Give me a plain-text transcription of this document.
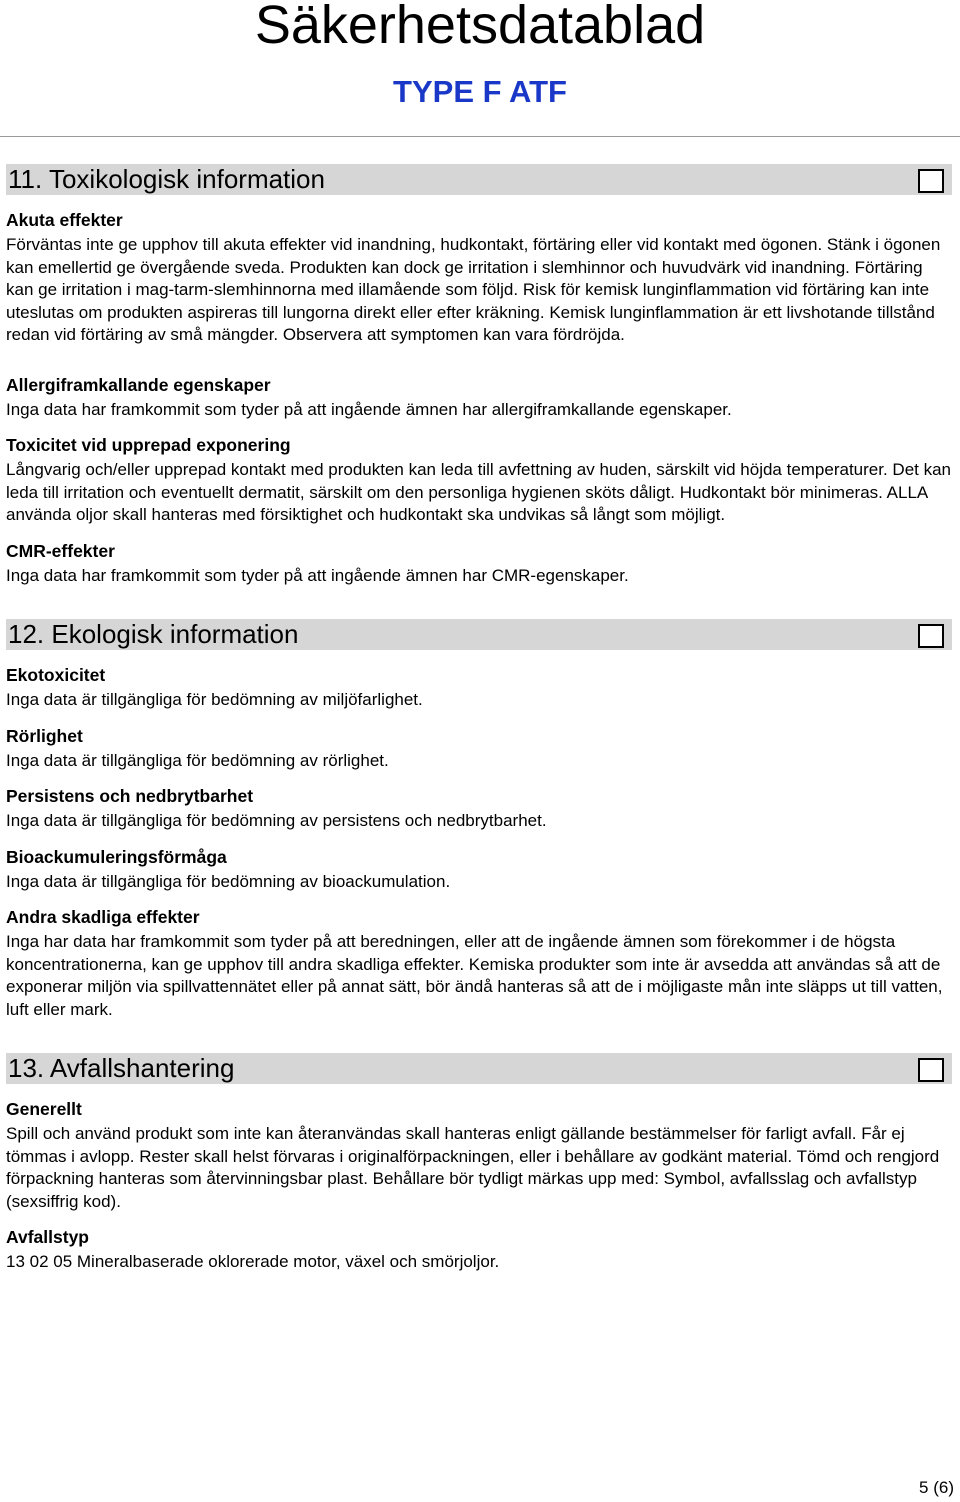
Säkerhetsdatablad
TYPE F ATF
11. Toxikologisk information
Akuta effekter

Förväntas inte ge upphov till akuta effekter vid inandning, hudkontakt, förtäring eller vid kontakt med ögonen. Stänk i ögonen kan emellertid ge övergående sveda. Produkten kan dock ge irritation i slemhinnor och huvudvärk vid inandning. Förtäring kan ge irritation i mag-tarm-slemhinnorna med illamående som följd. Risk för kemisk lunginflammation vid förtäring kan inte uteslutas om produkten aspireras till lungorna direkt eller efter kräkning. Kemisk lunginflammation är ett livshotande tillstånd redan vid förtäring av små mängder. Observera att symptomen kan vara fördröjda.

Allergiframkallande egenskaper

Inga data har framkommit som tyder på att ingående ämnen har allergiframkallande egenskaper.

Toxicitet vid upprepad exponering

Långvarig och/eller upprepad kontakt med produkten kan leda till avfettning av huden, särskilt vid höjda temperaturer. Det kan leda till irritation och eventuellt dermatit, särskilt om den personliga hygienen sköts dåligt. Hudkontakt bör minimeras. ALLA använda oljor skall hanteras med försiktighet och hudkontakt ska undvikas så långt som möjligt.

CMR-effekter

Inga data har framkommit som tyder på att ingående ämnen har CMR-egenskaper.

12. Ekologisk information
Ekotoxicitet

Inga data är tillgängliga för bedömning av miljöfarlighet.

Rörlighet

Inga data är tillgängliga för bedömning av rörlighet.

Persistens och nedbrytbarhet

Inga data är tillgängliga för bedömning av persistens och nedbrytbarhet.

Bioackumuleringsförmåga

Inga data är tillgängliga för bedömning av bioackumulation.

Andra skadliga effekter

Inga har data har framkommit som tyder på att beredningen, eller att de ingående ämnen som förekommer i de högsta koncentrationerna, kan ge upphov till andra skadliga effekter. Kemiska produkter som inte är avsedda att användas så att de exponerar miljön via spillvattennätet eller på annat sätt, bör ändå hanteras så att de i möjligaste mån inte släpps ut till vatten, luft eller mark.

13. Avfallshantering
Generellt

Spill och använd produkt som inte kan återanvändas skall hanteras enligt gällande bestämmelser för farligt avfall. Får ej tömmas i avlopp. Rester skall helst förvaras i originalförpackningen, eller i behållare av godkänt material. Tömd och rengjord förpackning hanteras som återvinningsbar plast. Behållare bör tydligt märkas upp med: Symbol, avfallsslag och avfallstyp (sexsiffrig kod).

Avfallstyp

13 02 05 Mineralbaserade oklorerade motor, växel och smörjoljor.

5 (6)
